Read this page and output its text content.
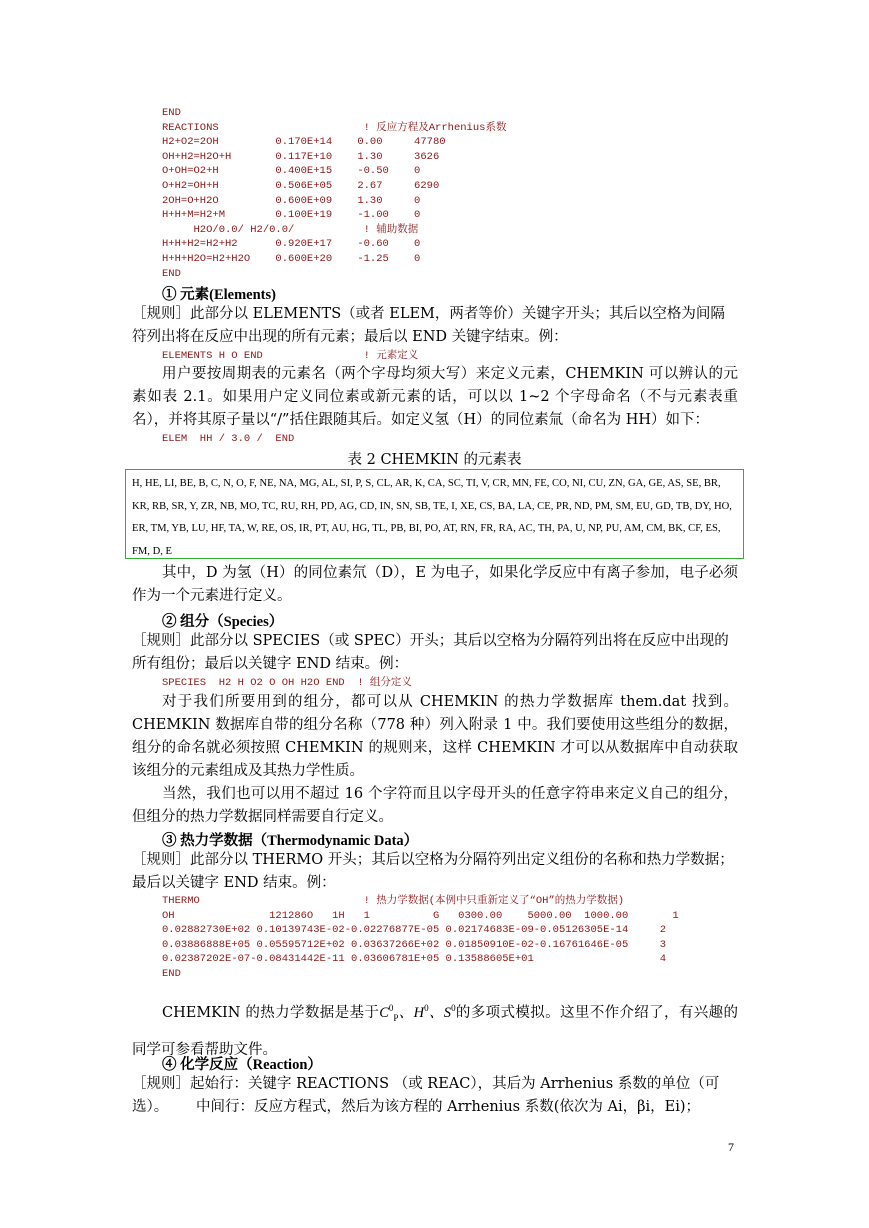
END
REACTIONS                       ! 反应方程及Arrhenius系数
H2+O2=2OH         0.170E+14    0.00     47780
OH+H2=H2O+H       0.117E+10    1.30     3626
O+OH=O2+H         0.400E+15    -0.50    0
O+H2=OH+H         0.506E+05    2.67     6290
2OH=O+H2O         0.600E+09    1.30     0
H+H+M=H2+M        0.100E+19    -1.00    0
H2O/0.0/ H2/0.0/           ! 辅助数据
H+H+H2=H2+H2      0.920E+17    -0.60    0
H+H+H2O=H2+H2O    0.600E+20    -1.25    0
END
① 元素(Elements)
［规则］此部分以 ELEMENTS（或者 ELEM，两者等价）关键字开头；其后以空格为间隔符列出将在反应中出现的所有元素；最后以 END 关键字结束。例：
ELEMENTS H O END                ! 元素定义
用户要按周期表的元素名（两个字母均须大写）来定义元素，CHEMKIN 可以辨认的元素如表 2.1。如果用户定义同位素或新元素的话，可以以 1~2 个字母命名（不与元素表重名），并将其原子量以“/”括住跟随其后。如定义氢（H）的同位素氚（命名为 HH）如下：
ELEM  HH / 3.0 /  END
表 2 CHEMKIN 的元素表
H, HE, LI, BE, B, C, N, O, F, NE, NA, MG, AL, SI, P, S, CL, AR, K, CA, SC, TI, V, CR, MN, FE, CO, NI, CU, ZN, GA, GE, AS, SE, BR, KR, RB, SR, Y, ZR, NB, MO, TC, RU, RH, PD, AG, CD, IN, SN, SB, TE, I, XE, CS, BA, LA, CE, PR, ND, PM, SM, EU, GD, TB, DY, HO, ER, TM, YB, LU, HF, TA, W, RE, OS, IR, PT, AU, HG, TL, PB, BI, PO, AT, RN, FR, RA, AC, TH, PA, U, NP, PU, AM, CM, BK, CF, ES, FM, D, E
其中，D 为氢（H）的同位素氘（D），E 为电子，如果化学反应中有离子参加，电子必须作为一个元素进行定义。
② 组分（Species）
［规则］此部分以 SPECIES（或 SPEC）开头；其后以空格为分隔符列出将在反应中出现的所有组份；最后以关键字 END 结束。例：
SPECIES  H2 H O2 O OH H2O END  ! 组分定义
对于我们所要用到的组分，都可以从 CHEMKIN 的热力学数据库 them.dat 找到。CHEMKIN 数据库自带的组分名称（778 种）列入附录 1 中。我们要使用这些组分的数据，组分的命名就必须按照 CHEMKIN 的规则来，这样 CHEMKIN 才可以从数据库中自动获取该组分的元素组成及其热力学性质。
当然，我们也可以用不超过 16 个字符而且以字母开头的任意字符串来定义自己的组分，但组分的热力学数据同样需要自行定义。
③ 热力学数据（Thermodynamic Data）
［规则］此部分以 THERMO 开头；其后以空格为分隔符列出定义组份的名称和热力学数据；最后以关键字 END 结束。例：
THERMO                          ! 热力学数据(本例中只重新定义了“OH”的热力学数据)
OH               121286O   1H   1          G   0300.00    5000.00  1000.00       1
0.02882730E+02 0.10139743E-02-0.02276877E-05 0.02174683E-09-0.05126305E-14     2
0.03886888E+05 0.05595712E+02 0.03637266E+02 0.01850910E-02-0.16761646E-05     3
0.02387202E-07-0.08431442E-11 0.03606781E+05 0.13588605E+01                    4
END
CHEMKIN 的热力学数据是基于$C^0_P$、$H^0$、$S^0$的多项式模拟。这里不作介绍了，有兴趣的同学可参看帮助文件。
④ 化学反应（Reaction）
［规则］起始行：关键字 REACTIONS （或 REAC），其后为 Arrhenius 系数的单位（可选）。	中间行：反应方程式，然后为该方程的 Arrhenius 系数(依次为 Ai，βi，Ei)；
7
